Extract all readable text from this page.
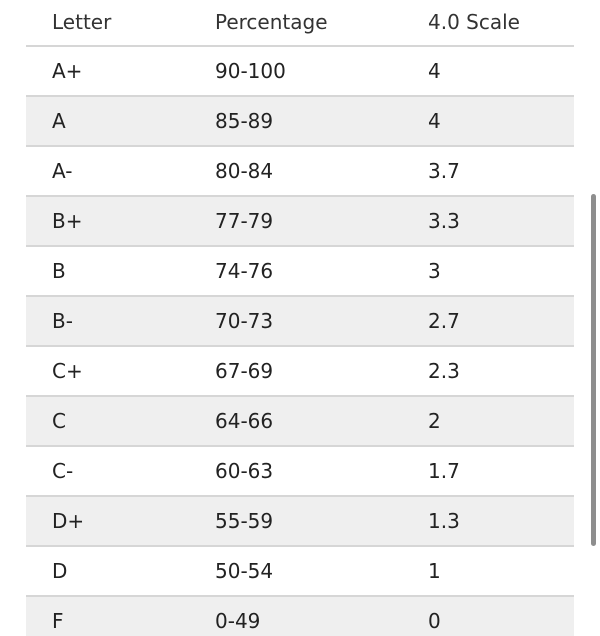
Letter	Percentage	4.0 Scale
A+	90-100	4
A	85-89	4
A-	80-84	3.7
B+	77-79	3.3
B	74-76	3
B-	70-73	2.7
C+	67-69	2.3
C	64-66	2
C-	60-63	1.7
D+	55-59	1.3
D	50-54	1
F	0-49	0
